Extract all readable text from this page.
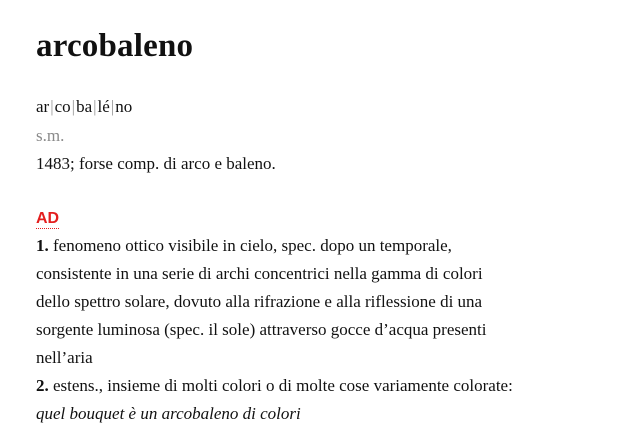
arcobaleno
ar|co|ba|lé|no
s.m.
1483; forse comp. di arco e baleno.
AD
1. fenomeno ottico visibile in cielo, spec. dopo un temporale,
consistente in una serie di archi concentrici nella gamma di colori
dello spettro solare, dovuto alla rifrazione e alla riflessione di una
sorgente luminosa (spec. il sole) attraverso gocce d’acqua presenti
nell’aria
2. estens., insieme di molti colori o di molte cose variamente colorate:
quel bouquet è un arcobaleno di colori
